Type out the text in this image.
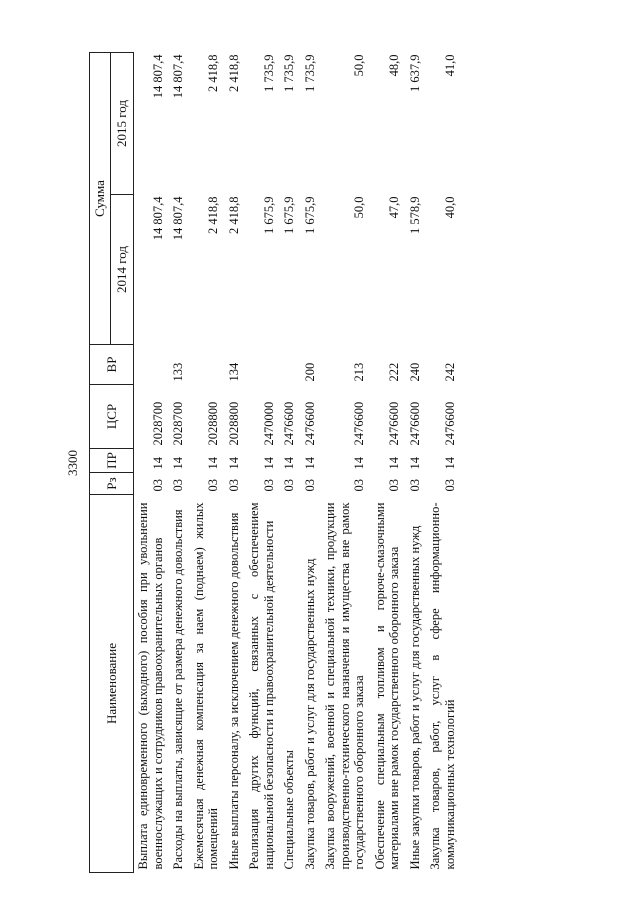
3300
Наименование	Рз	ПР	ЦСР	ВР	Сумма	
					2014 год	2015 год
Выплата единовременного (выходного) пособия при увольнении военнослужащих и сотрудников правоохранительных органов	03	14	2028700		14 807,4	14 807,4
Расходы на выплаты, зависящие от размера денежного довольствия	03	14	2028700	133	14 807,4	14 807,4
Ежемесячная денежная компенсация за наем (поднаем) жилых помещений	03	14	2028800		2 418,8	2 418,8
Иные выплаты персоналу, за исключением денежного довольствия	03	14	2028800	134	2 418,8	2 418,8
Реализация других функций, связанных с обеспечением национальной безопасности и правоохранительной деятельности	03	14	2470000		1 675,9	1 735,9
Специальные объекты	03	14	2476600		1 675,9	1 735,9
Закупка товаров, работ и услуг для государственных нужд	03	14	2476600	200	1 675,9	1 735,9
Закупка вооружений, военной и специальной техники, продукции производственно-технического назначения и имущества вне рамок государственного оборонного заказа	03	14	2476600	213	50,0	50,0
Обеспечение специальным топливом и горюче-смазочными материалами вне рамок государственного оборонного заказа	03	14	2476600	222	47,0	48,0
Иные закупки товаров, работ и услуг для государственных нужд	03	14	2476600	240	1 578,9	1 637,9
Закупка товаров, работ, услуг в сфере информационно-коммуникационных технологий	03	14	2476600	242	40,0	41,0
